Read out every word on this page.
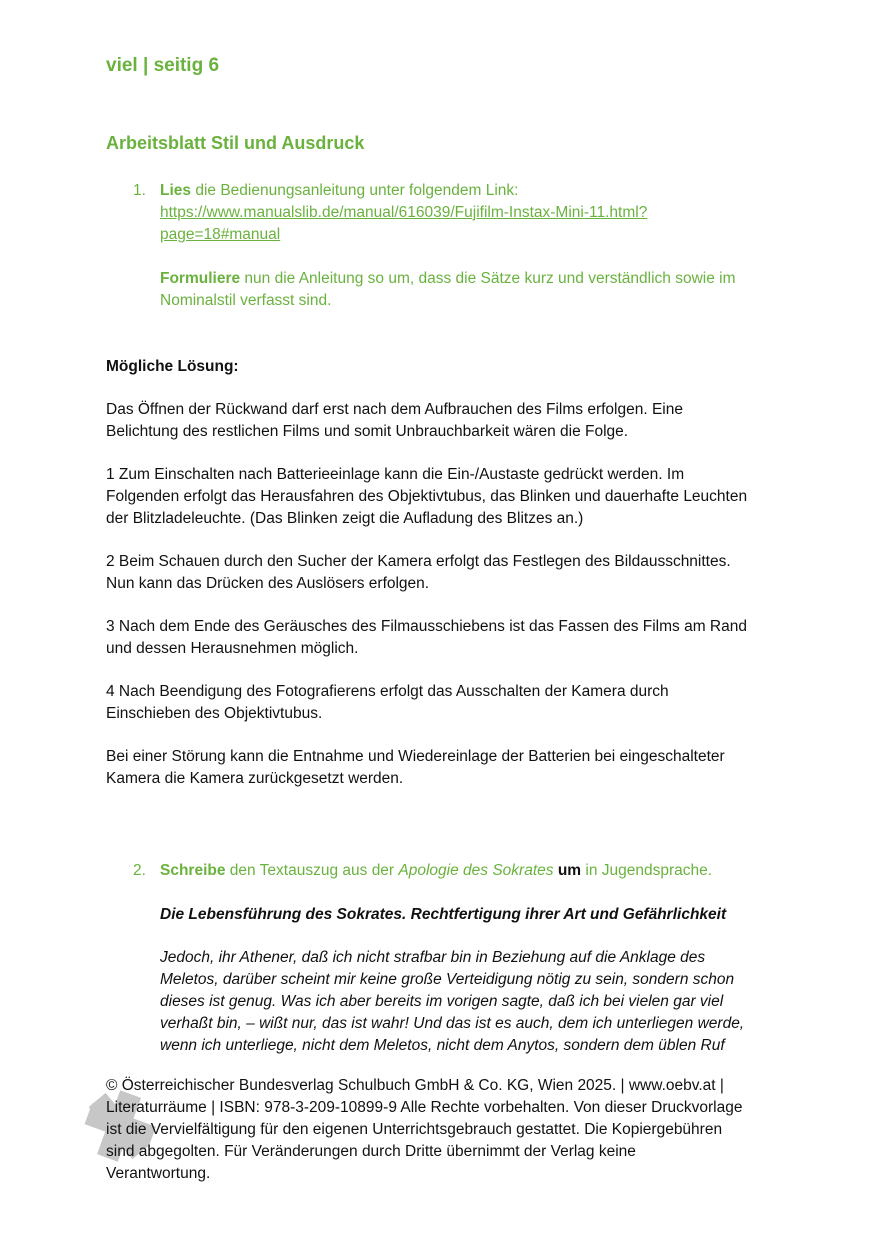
viel | seitig 6
Arbeitsblatt Stil und Ausdruck
1. Lies die Bedienungsanleitung unter folgendem Link:
https://www.manualslib.de/manual/616039/Fujifilm-Instax-Mini-11.html?
page=18#manual
Formuliere nun die Anleitung so um, dass die Sätze kurz und verständlich sowie im
Nominalstil verfasst sind.
Mögliche Lösung:
Das Öffnen der Rückwand darf erst nach dem Aufbrauchen des Films erfolgen. Eine
Belichtung des restlichen Films und somit Unbrauchbarkeit wären die Folge.
1 Zum Einschalten nach Batterieeinlage kann die Ein-/Austaste gedrückt werden. Im
Folgenden erfolgt das Herausfahren des Objektivtubus, das Blinken und dauerhafte Leuchten
der Blitzladeleuchte. (Das Blinken zeigt die Aufladung des Blitzes an.)
2 Beim Schauen durch den Sucher der Kamera erfolgt das Festlegen des Bildausschnittes.
Nun kann das Drücken des Auslösers erfolgen.
3 Nach dem Ende des Geräusches des Filmausschiebens ist das Fassen des Films am Rand
und dessen Herausnehmen möglich.
4 Nach Beendigung des Fotografierens erfolgt das Ausschalten der Kamera durch
Einschieben des Objektivtubus.
Bei einer Störung kann die Entnahme und Wiedereinlage der Batterien bei eingeschalteter
Kamera die Kamera zurückgesetzt werden.
2. Schreibe den Textauszug aus der Apologie des Sokrates um in Jugendsprache.
Die Lebensführung des Sokrates. Rechtfertigung ihrer Art und Gefährlichkeit
Jedoch, ihr Athener, daß ich nicht strafbar bin in Beziehung auf die Anklage des
Meletos, darüber scheint mir keine große Verteidigung nötig zu sein, sondern schon
dieses ist genug. Was ich aber bereits im vorigen sagte, daß ich bei vielen gar viel
verhaßt bin, – wißt nur, das ist wahr! Und das ist es auch, dem ich unterliegen werde,
wenn ich unterliege, nicht dem Meletos, nicht dem Anytos, sondern dem üblen Ruf
© Österreichischer Bundesverlag Schulbuch GmbH & Co. KG, Wien 2025. | www.oebv.at |
Literaturräume | ISBN: 978-3-209-10899-9 Alle Rechte vorbehalten. Von dieser Druckvorlage
ist die Vervielfältigung für den eigenen Unterrichtsgebrauch gestattet. Die Kopiergebühren
sind abgegolten. Für Veränderungen durch Dritte übernimmt der Verlag keine
Verantwortung.
